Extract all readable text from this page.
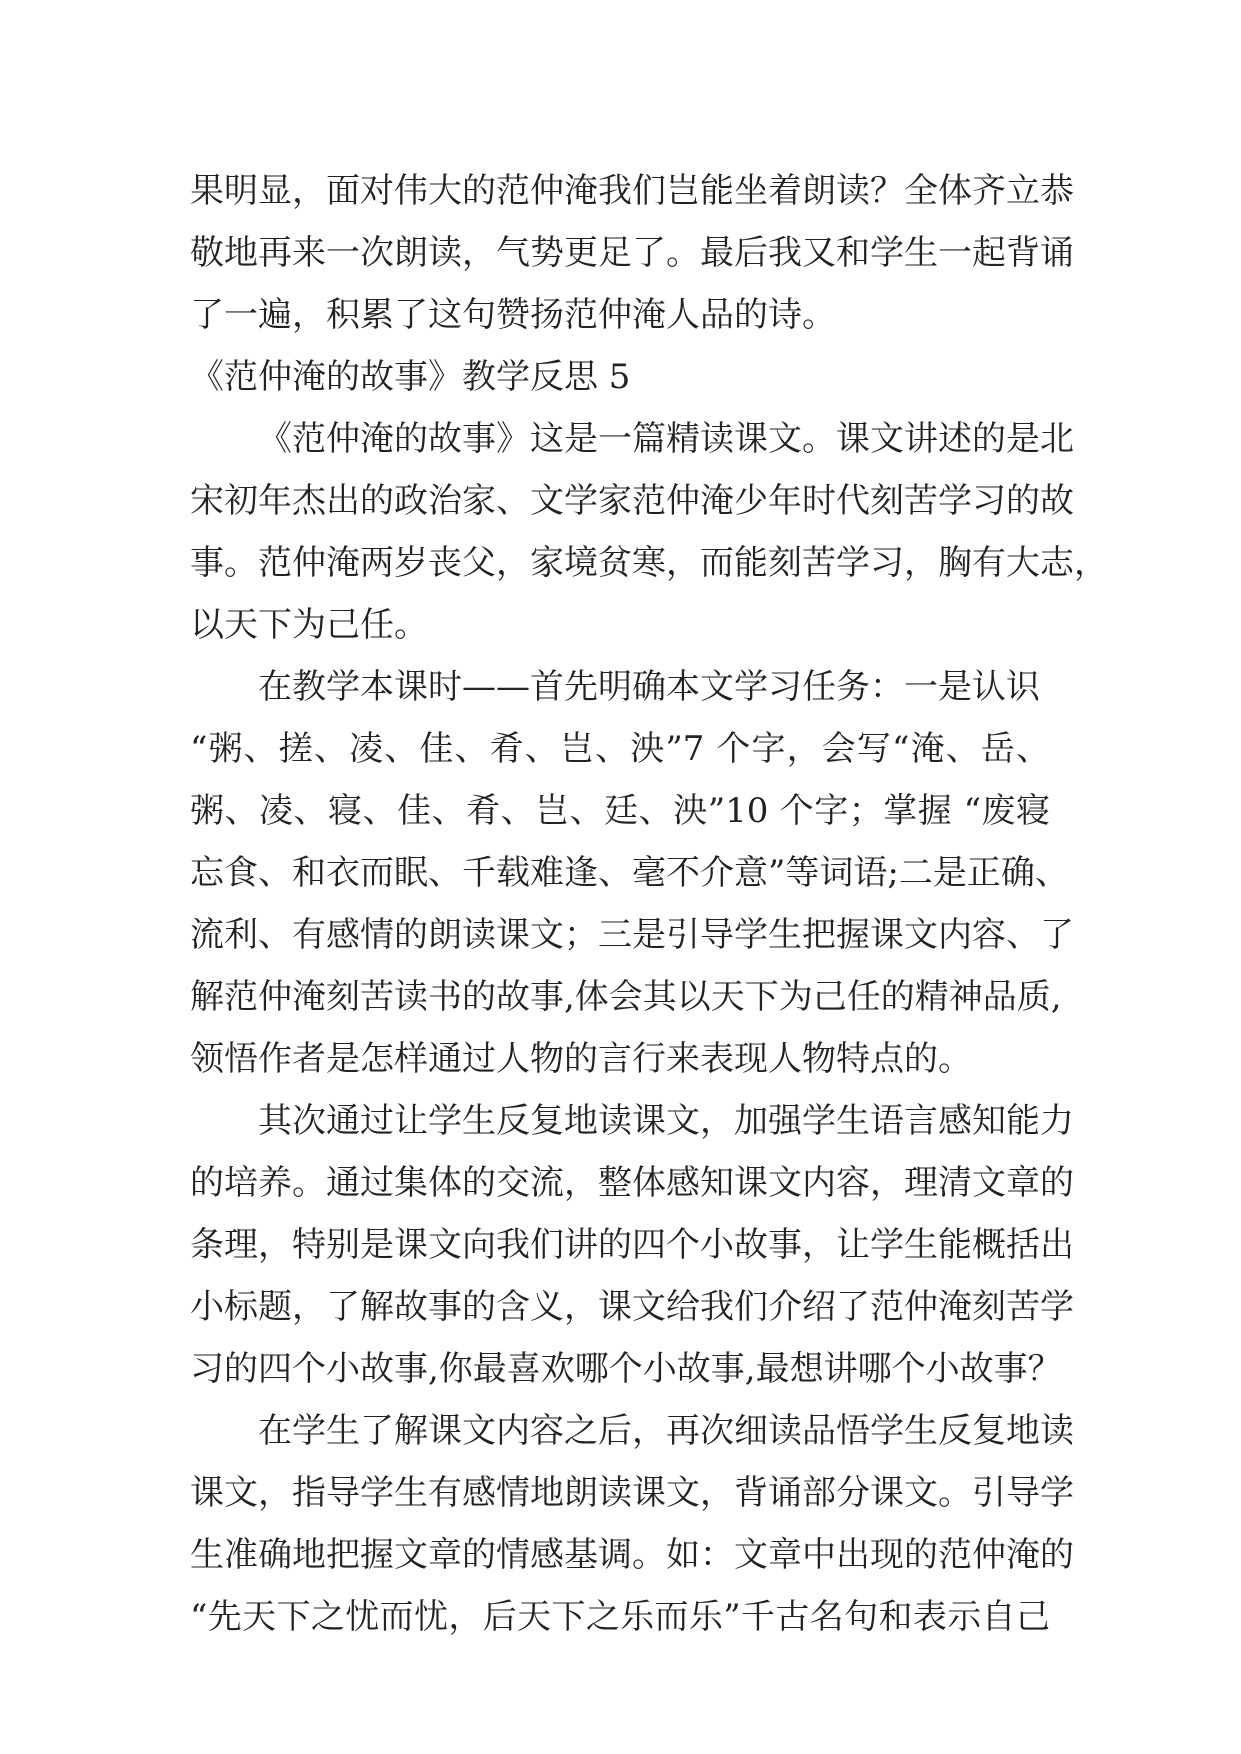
果明显，面对伟大的范仲淹我们岂能坐着朗读？全体齐立恭
敬地再来一次朗读，气势更足了。最后我又和学生一起背诵
了一遍，积累了这句赞扬范仲淹人品的诗。
《范仲淹的故事》教学反思 5
《范仲淹的故事》这是一篇精读课文。课文讲述的是北
宋初年杰出的政治家、文学家范仲淹少年时代刻苦学习的故
事。范仲淹两岁丧父，家境贫寒，而能刻苦学习，胸有大志，
以天下为己任。
在教学本课时——首先明确本文学习任务：一是认识
“粥、搓、凌、佳、肴、岂、泱”7 个字，会写“淹、岳、
粥、凌、寝、佳、肴、岂、廷、泱”10 个字；掌握 “废寝
忘食、和衣而眠、千载难逢、毫不介意”等词语;二是正确、
流利、有感情的朗读课文；三是引导学生把握课文内容、了
解范仲淹刻苦读书的故事,体会其以天下为己任的精神品质,
领悟作者是怎样通过人物的言行来表现人物特点的。
其次通过让学生反复地读课文，加强学生语言感知能力
的培养。通过集体的交流，整体感知课文内容，理清文章的
条理，特别是课文向我们讲的四个小故事，让学生能概括出
小标题，了解故事的含义，课文给我们介绍了范仲淹刻苦学
习的四个小故事,你最喜欢哪个小故事,最想讲哪个小故事？
在学生了解课文内容之后，再次细读品悟学生反复地读
课文，指导学生有感情地朗读课文，背诵部分课文。引导学
生准确地把握文章的情感基调。如：文章中出现的范仲淹的
“先天下之忧而忧，后天下之乐而乐”千古名句和表示自己
